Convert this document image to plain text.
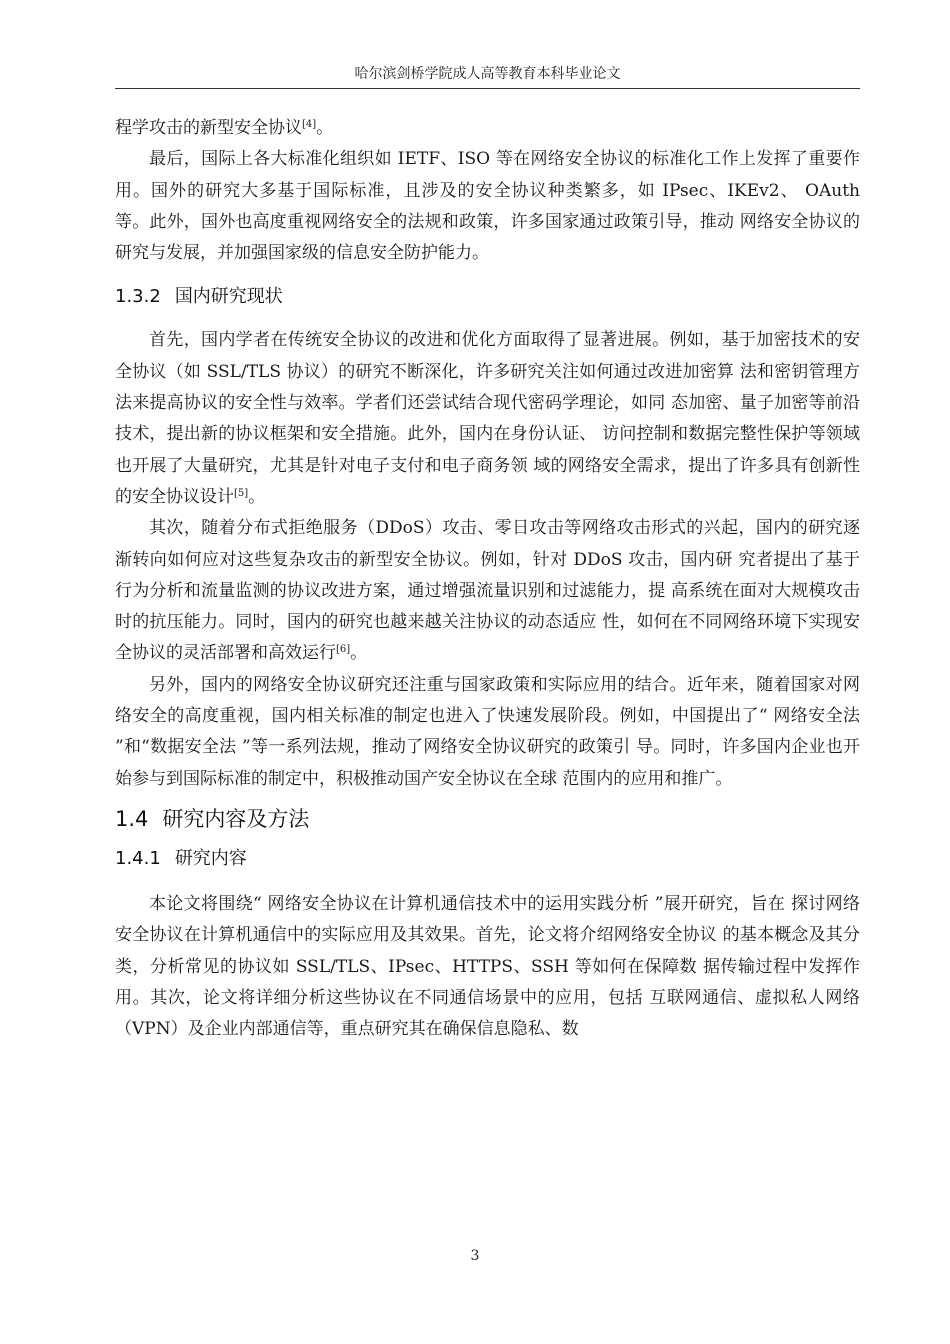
哈尔滨剑桥学院成人高等教育本科毕业论文

程学攻击的新型安全协议[4]。

最后，国际上各大标准化组织如 IETF、ISO 等在网络安全协议的标准化工作上发挥了重要作用。国外的研究大多基于国际标准，且涉及的安全协议种类繁多，如 IPsec、IKEv2、 OAuth 等。此外，国外也高度重视网络安全的法规和政策，许多国家通过政策引导，推动 网络安全协议的研究与发展，并加强国家级的信息安全防护能力。

1.3.2 国内研究现状

首先，国内学者在传统安全协议的改进和优化方面取得了显著进展。例如，基于加密技术的安全协议（如 SSL/TLS 协议）的研究不断深化，许多研究关注如何通过改进加密算 法和密钥管理方法来提高协议的安全性与效率。学者们还尝试结合现代密码学理论，如同 态加密、量子加密等前沿技术，提出新的协议框架和安全措施。此外，国内在身份认证、 访问控制和数据完整性保护等领域也开展了大量研究，尤其是针对电子支付和电子商务领 域的网络安全需求，提出了许多具有创新性的安全协议设计[5]。

其次，随着分布式拒绝服务（DDoS）攻击、零日攻击等网络攻击形式的兴起，国内的研究逐渐转向如何应对这些复杂攻击的新型安全协议。例如，针对 DDoS 攻击，国内研 究者提出了基于行为分析和流量监测的协议改进方案，通过增强流量识别和过滤能力，提 高系统在面对大规模攻击时的抗压能力。同时，国内的研究也越来越关注协议的动态适应 性，如何在不同网络环境下实现安全协议的灵活部署和高效运行[6]。

另外，国内的网络安全协议研究还注重与国家政策和实际应用的结合。近年来，随着国家对网络安全的高度重视，国内相关标准的制定也进入了快速发展阶段。例如，中国提出了“ 网络安全法 ”和“数据安全法 ”等一系列法规，推动了网络安全协议研究的政策引 导。同时，许多国内企业也开始参与到国际标准的制定中，积极推动国产安全协议在全球 范围内的应用和推广。

1.4 研究内容及方法
1.4.1 研究内容

本论文将围绕“ 网络安全协议在计算机通信技术中的运用实践分析 ”展开研究，旨在 探讨网络安全协议在计算机通信中的实际应用及其效果。首先，论文将介绍网络安全协议 的基本概念及其分类，分析常见的协议如 SSL/TLS、IPsec、HTTPS、SSH 等如何在保障数 据传输过程中发挥作用。其次，论文将详细分析这些协议在不同通信场景中的应用，包括 互联网通信、虚拟私人网络（VPN）及企业内部通信等，重点研究其在确保信息隐私、数

3
